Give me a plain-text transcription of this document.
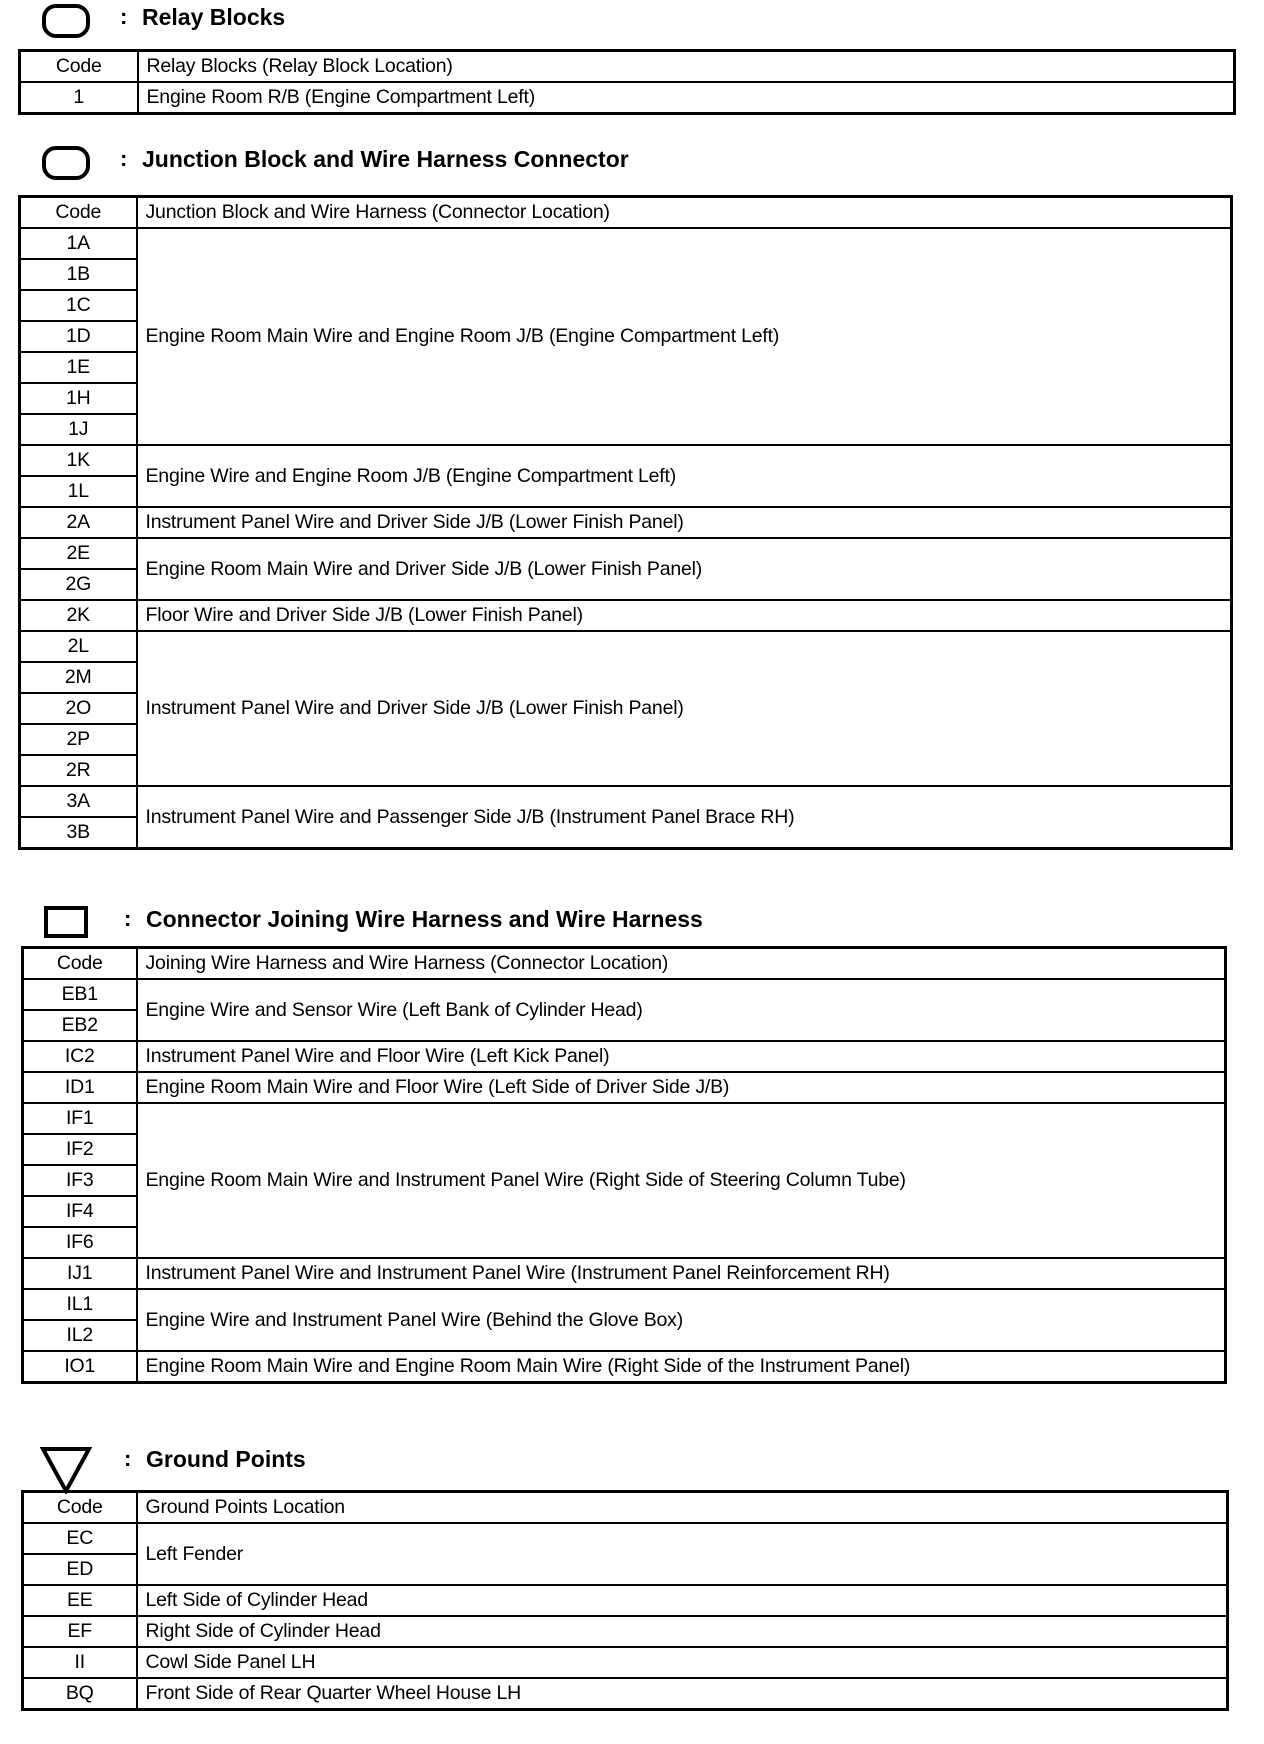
: Relay Blocks
Code	Relay Blocks (Relay Block Location)
1	Engine Room R/B (Engine Compartment Left)
: Junction Block and Wire Harness Connector
Code	Junction Block and Wire Harness (Connector Location)
1A	Engine Room Main Wire and Engine Room J/B (Engine Compartment Left)
1B	
1C	
1D	
1E	
1H	
1J	
1K	Engine Wire and Engine Room J/B (Engine Compartment Left)
1L	
2A	Instrument Panel Wire and Driver Side J/B (Lower Finish Panel)
2E	Engine Room Main Wire and Driver Side J/B (Lower Finish Panel)
2G	
2K	Floor Wire and Driver Side J/B (Lower Finish Panel)
2L	Instrument Panel Wire and Driver Side J/B (Lower Finish Panel)
2M	
2O	
2P	
2R	
3A	Instrument Panel Wire and Passenger Side J/B (Instrument Panel Brace RH)
3B	
: Connector Joining Wire Harness and Wire Harness
Code	Joining Wire Harness and Wire Harness (Connector Location)
EB1	Engine Wire and Sensor Wire (Left Bank of Cylinder Head)
EB2	
IC2	Instrument Panel Wire and Floor Wire (Left Kick Panel)
ID1	Engine Room Main Wire and Floor Wire (Left Side of Driver Side J/B)
IF1	Engine Room Main Wire and Instrument Panel Wire (Right Side of Steering Column Tube)
IF2	
IF3	
IF4	
IF6	
IJ1	Instrument Panel Wire and Instrument Panel Wire (Instrument Panel Reinforcement RH)
IL1	Engine Wire and Instrument Panel Wire (Behind the Glove Box)
IL2	
IO1	Engine Room Main Wire and Engine Room Main Wire (Right Side of the Instrument Panel)
: Ground Points
Code	Ground Points Location
EC	Left Fender
ED	
EE	Left Side of Cylinder Head
EF	Right Side of Cylinder Head
II	Cowl Side Panel LH
BQ	Front Side of Rear Quarter Wheel House LH
